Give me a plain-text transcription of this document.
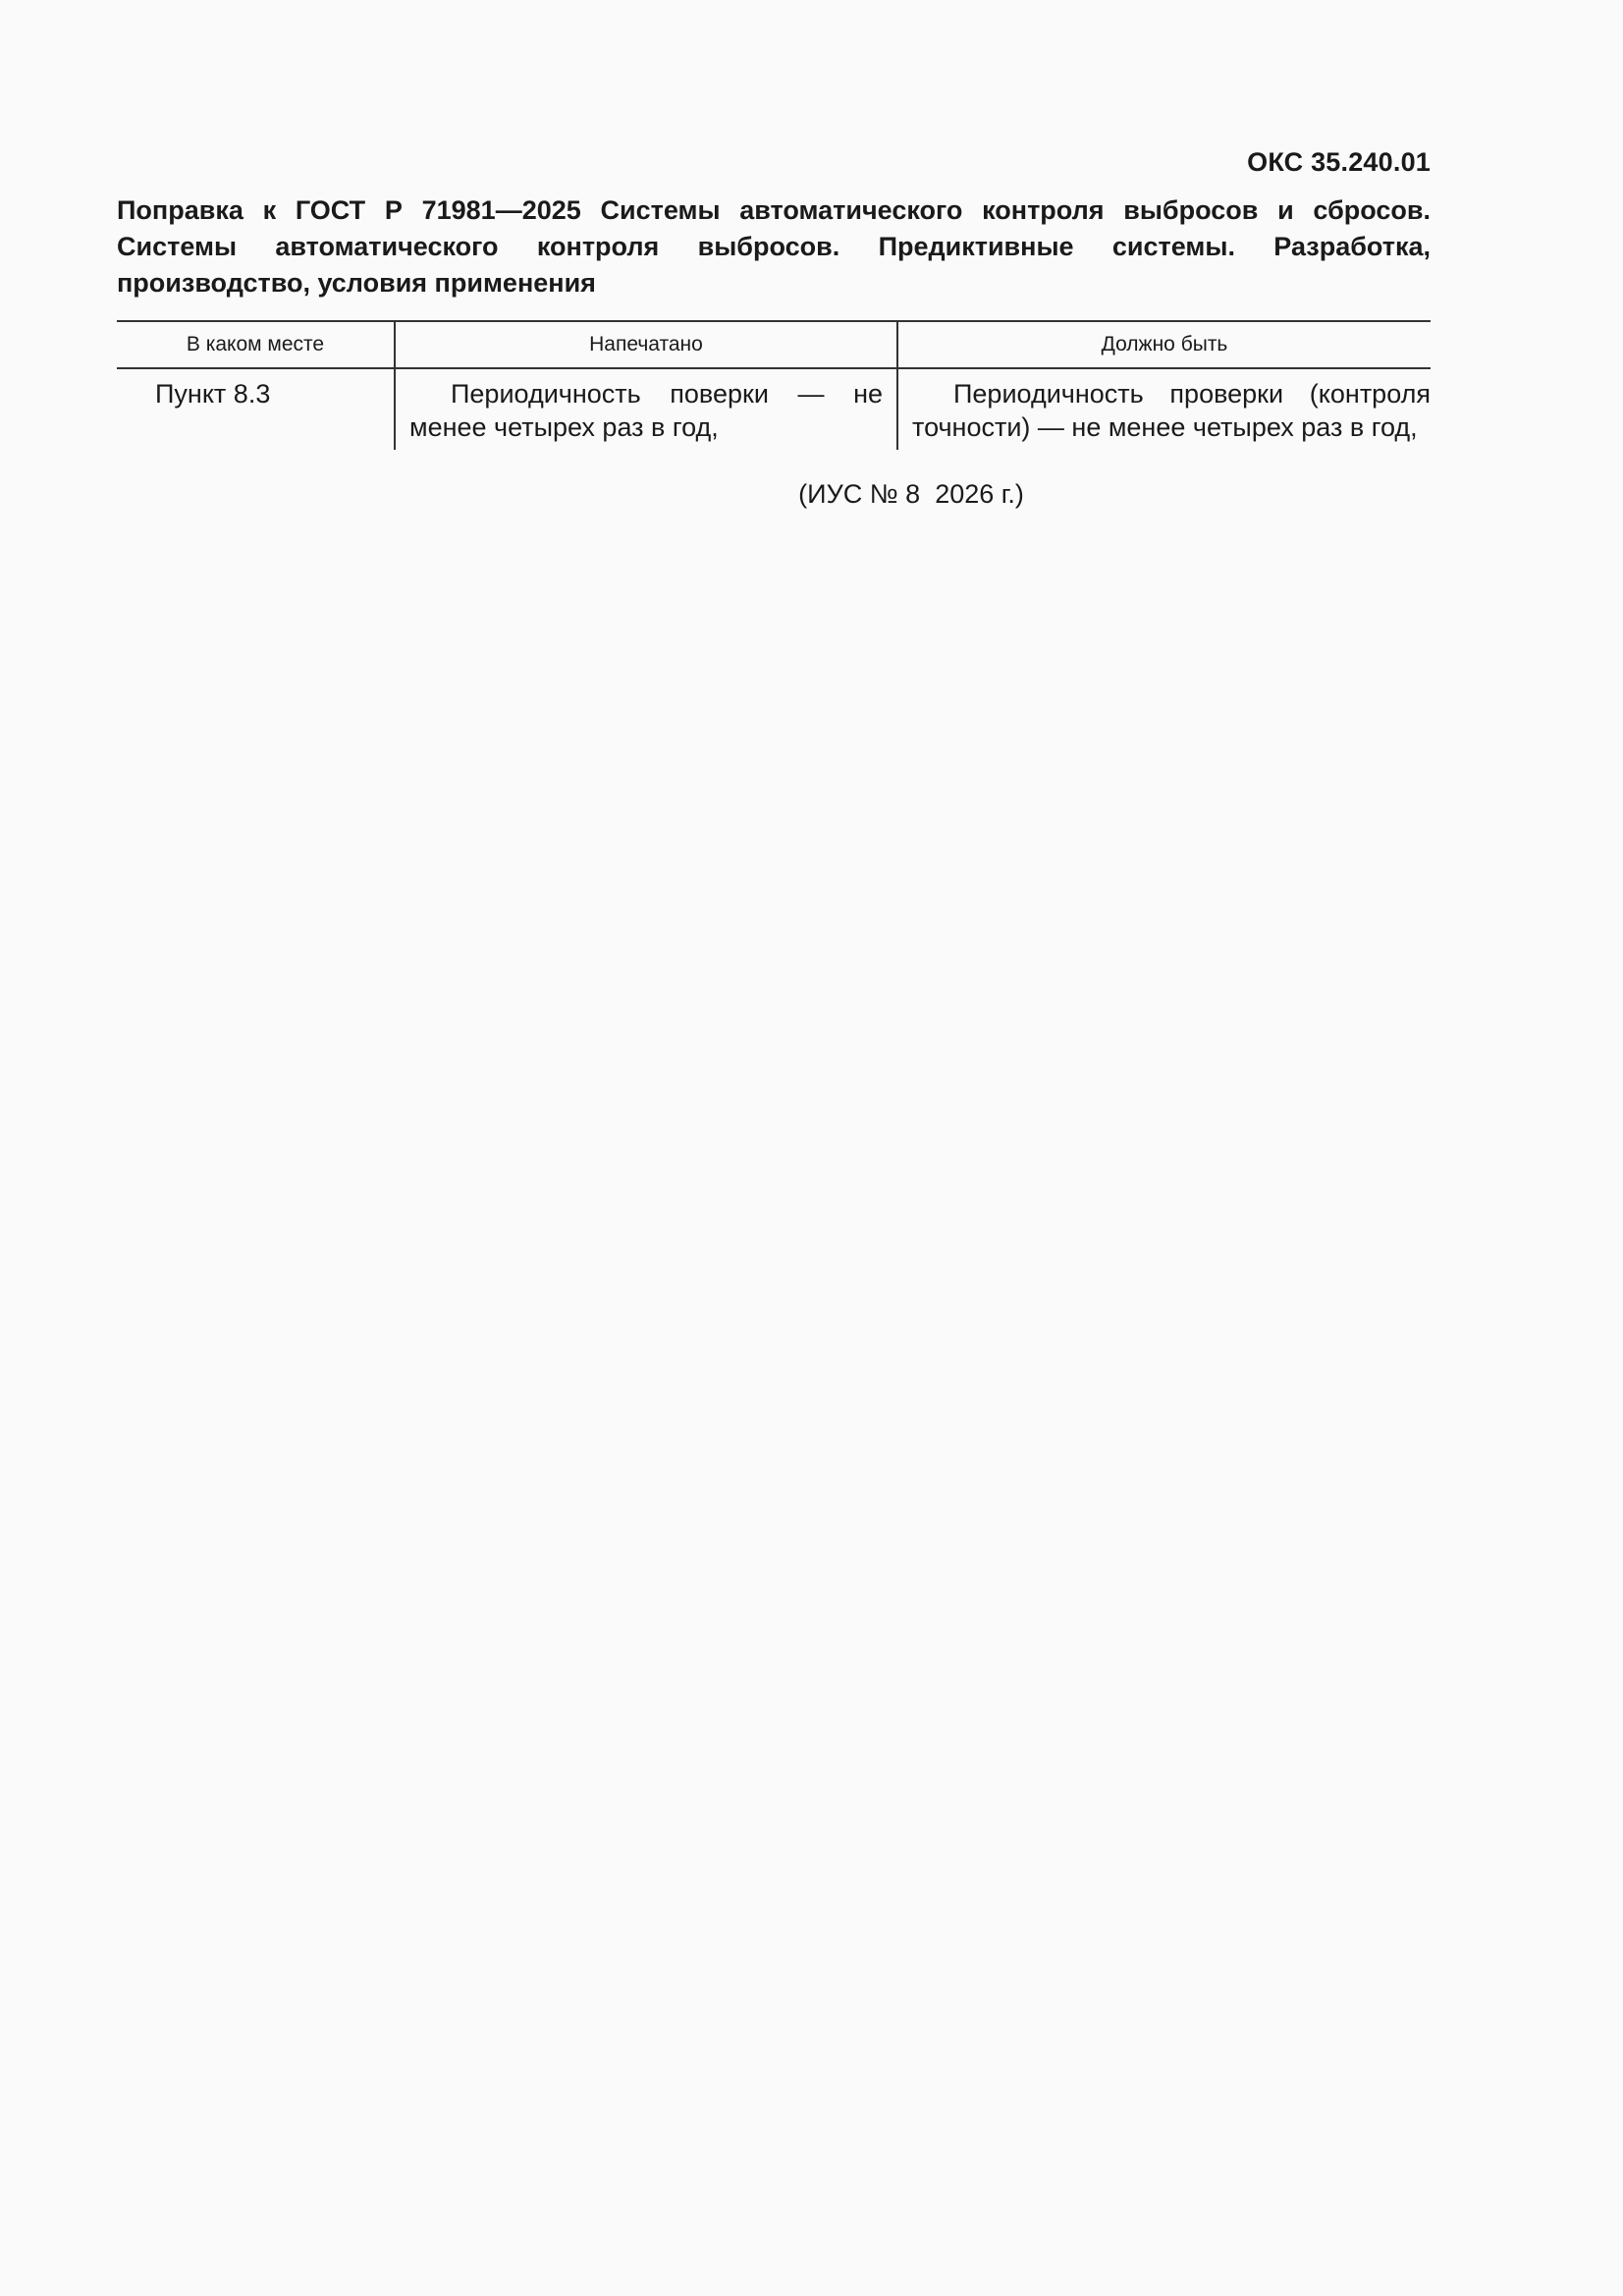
ОКС 35.240.01
Поправка к ГОСТ Р 71981—2025 Системы автоматического контроля выбросов и сбросов. Системы автоматического контроля выбросов. Предиктивные системы. Разработка, производство, условия применения
В каком месте	Напечатано	Должно быть
Пункт 8.3	Периодичность поверки — не менее четырех раз в год,	Периодичность проверки (контроля точности) — не менее четырех раз в год,
(ИУС № 8  2026 г.)
